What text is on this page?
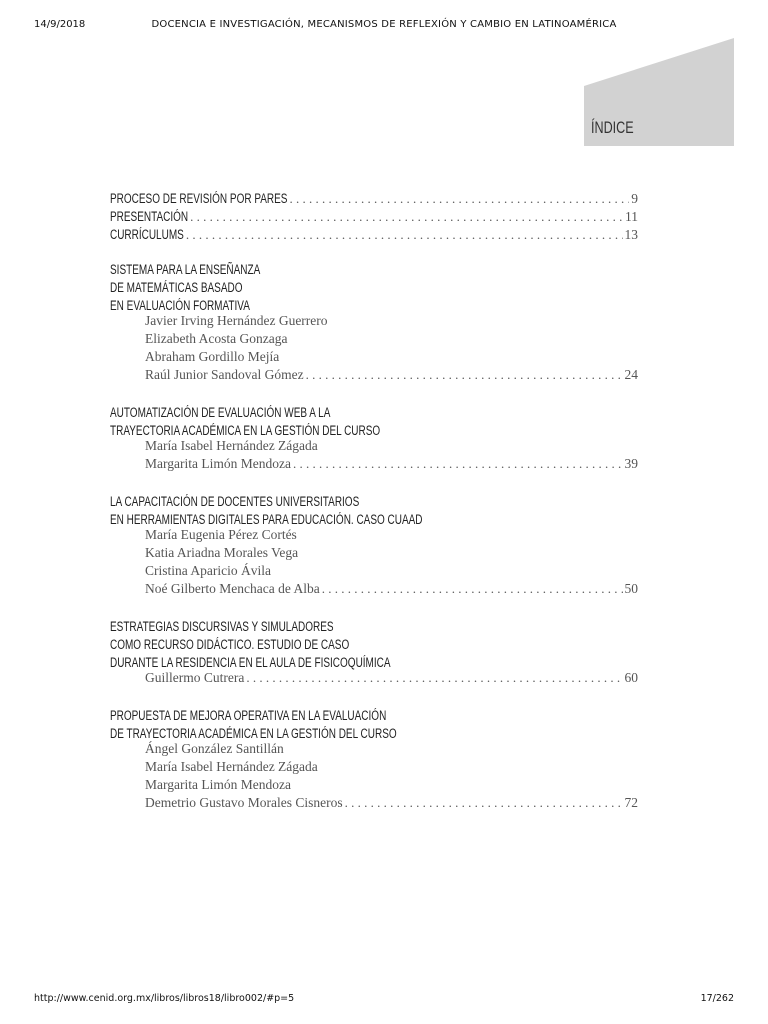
14/9/2018	DOCENCIA E INVESTIGACIÓN, MECANISMOS DE REFLEXIÓN Y CAMBIO EN LATINOAMÉRICA
ÍNDICE
PROCESO DE REVISIÓN POR PARES . . .	9
PRESENTACIÓN . . .	11
CURRÍCULUMS . . .	13
SISTEMA PARA LA ENSEÑANZA
DE MATEMÁTICAS BASADO
EN EVALUACIÓN FORMATIVA
Javier Irving Hernández Guerrero
Elizabeth Acosta Gonzaga
Abraham Gordillo Mejía
Raúl Junior Sandoval Gómez . . .	24
AUTOMATIZACIÓN DE EVALUACIÓN WEB A LA
TRAYECTORIA ACADÉMICA EN LA GESTIÓN DEL CURSO
María Isabel Hernández Zágada
Margarita Limón Mendoza . . .	39
LA CAPACITACIÓN DE DOCENTES UNIVERSITARIOS
EN HERRAMIENTAS DIGITALES PARA EDUCACIÓN. CASO CUAAD
María Eugenia Pérez Cortés
Katia Ariadna Morales Vega
Cristina Aparicio Ávila
Noé Gilberto Menchaca de Alba . . .	50
ESTRATEGIAS DISCURSIVAS Y SIMULADORES
COMO RECURSO DIDÁCTICO. ESTUDIO DE CASO
DURANTE LA RESIDENCIA EN EL AULA DE FISICOQUÍMICA
Guillermo Cutrera . . .	60
PROPUESTA DE MEJORA OPERATIVA EN LA EVALUACIÓN
DE TRAYECTORIA ACADÉMICA EN LA GESTIÓN DEL CURSO
Ángel González Santillán
María Isabel Hernández Zágada
Margarita Limón Mendoza
Demetrio Gustavo Morales Cisneros . . .	72
http://www.cenid.org.mx/libros/libros18/libro002/#p=5	17/262
